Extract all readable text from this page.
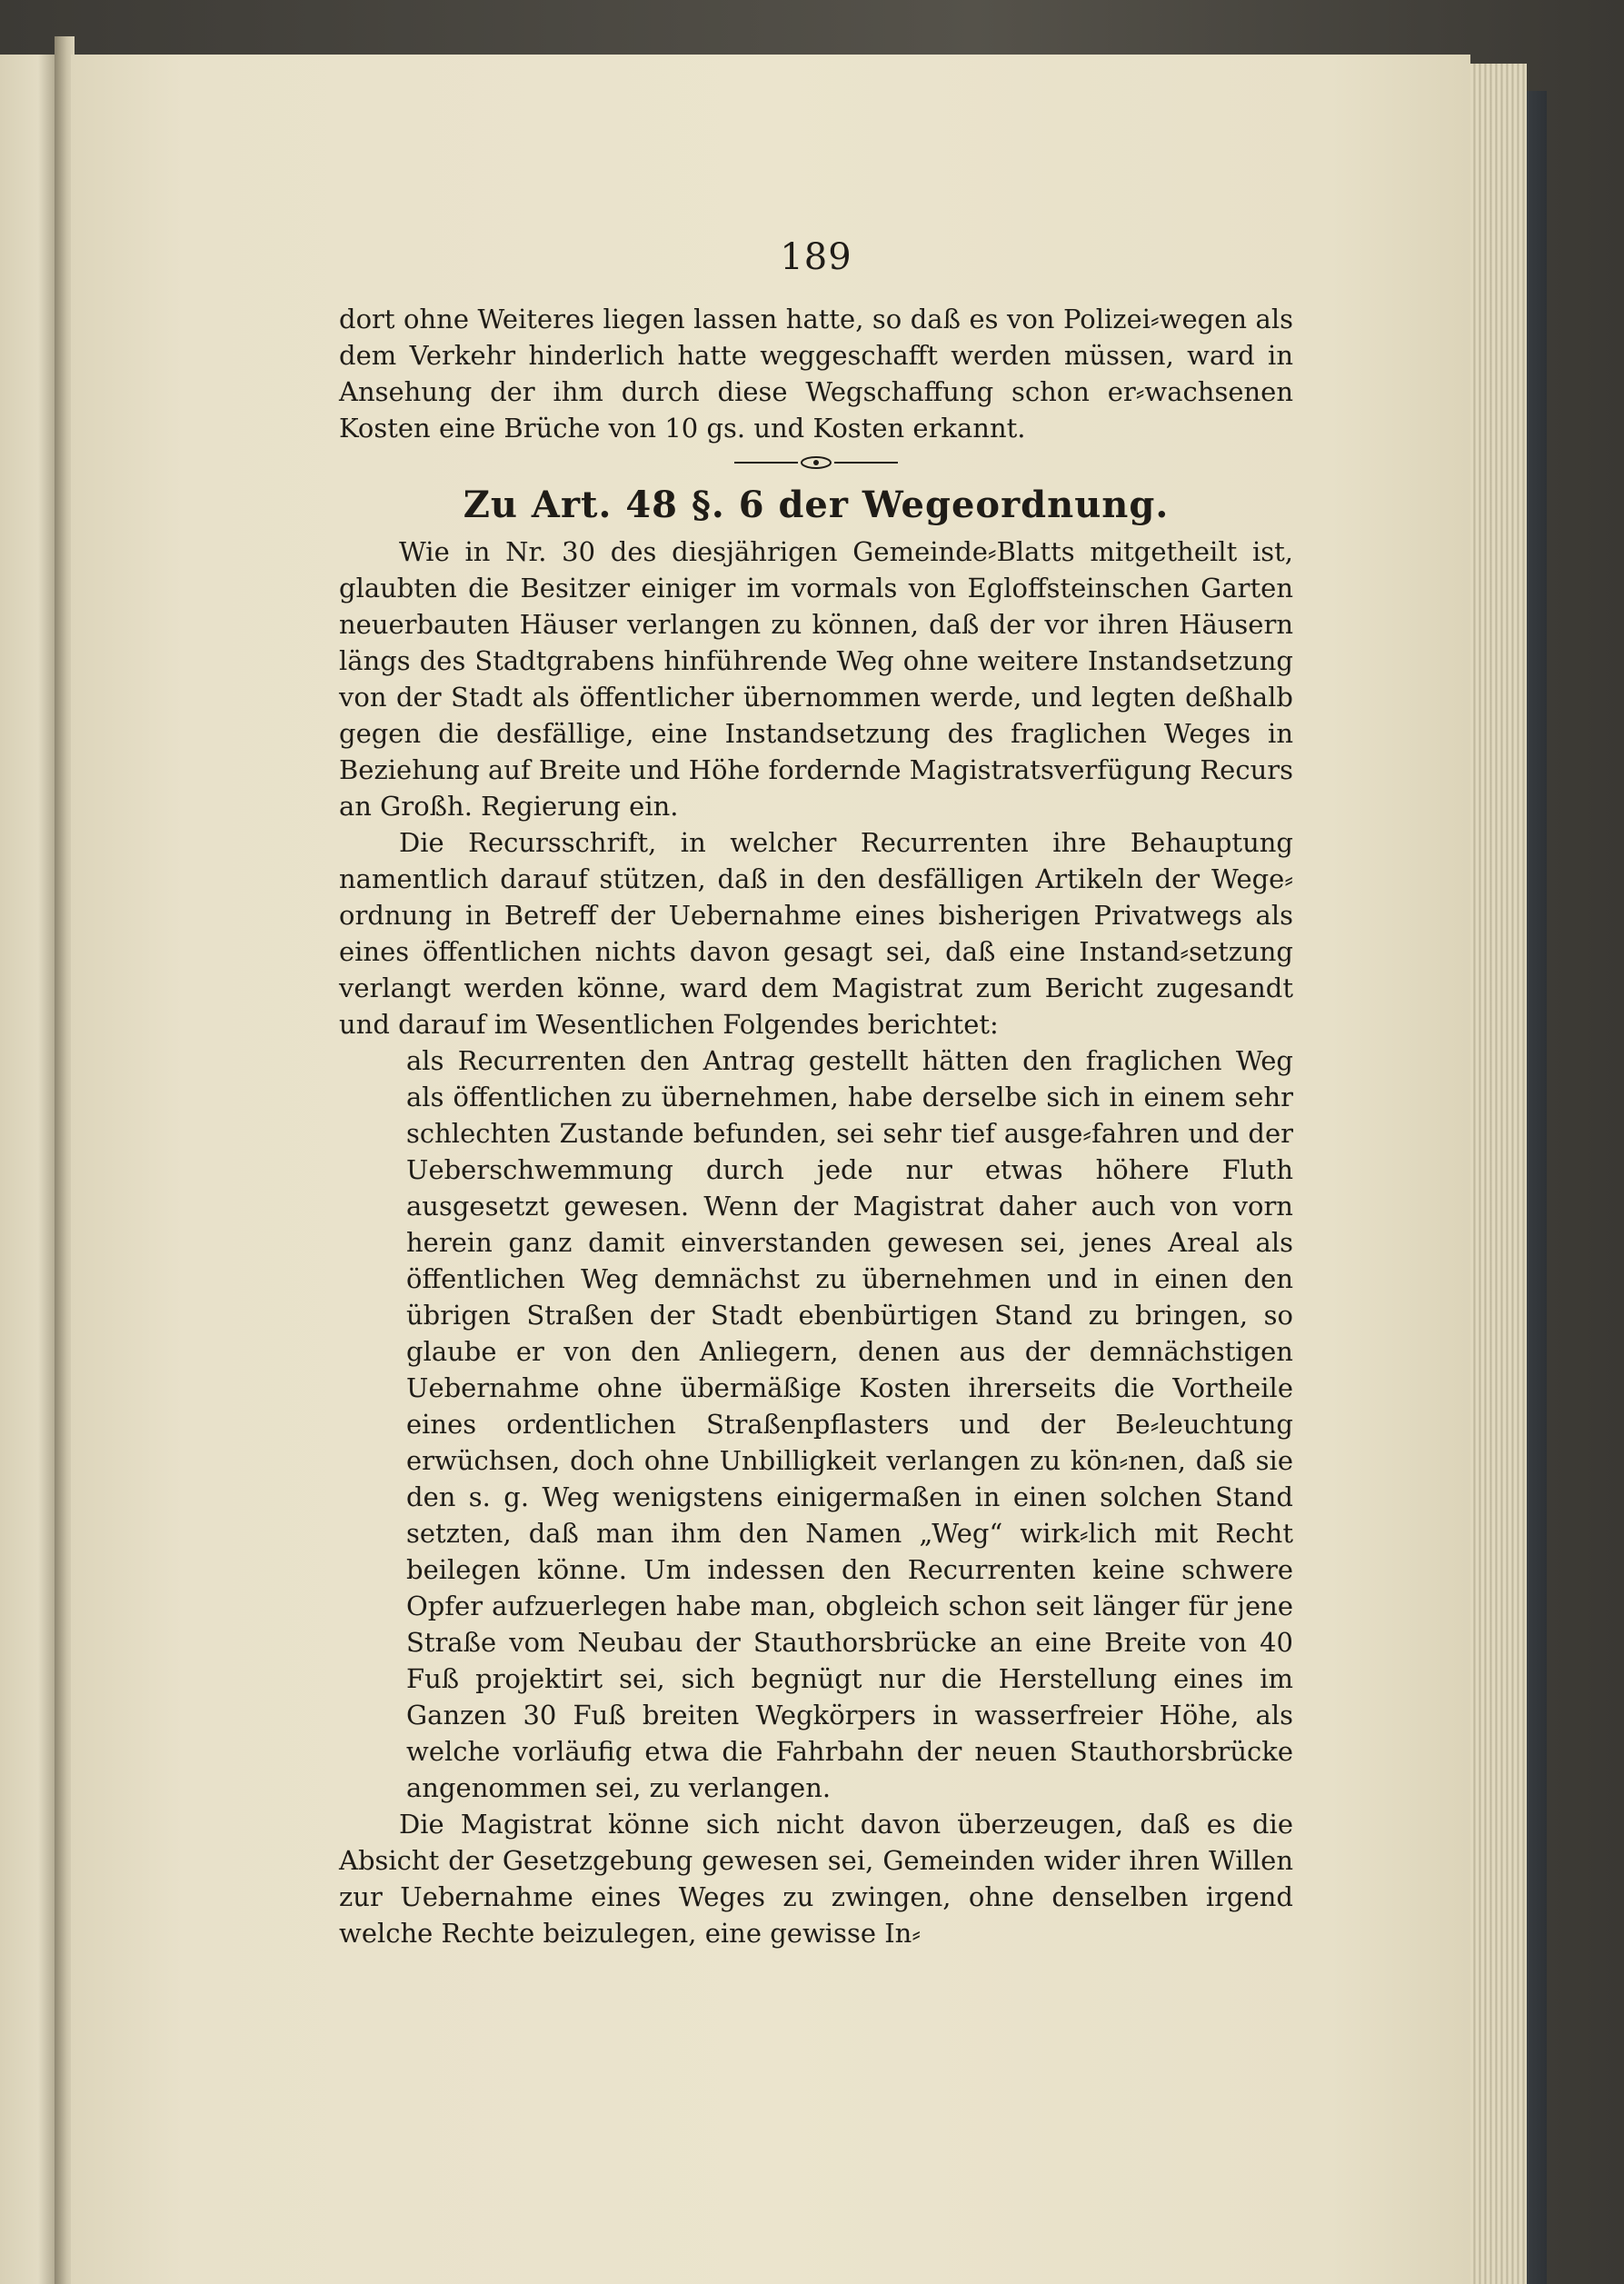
189

dort ohne Weiteres liegen lassen hatte, so daß es von Polizei⸗wegen als dem Verkehr hinderlich hatte weggeschafft werden müssen, ward in Ansehung der ihm durch diese Wegschaffung schon er⸗wachsenen Kosten eine Brüche von 10 gs. und Kosten erkannt.

Zu Art. 48 §. 6 der Wegeordnung.

Wie in Nr. 30 des diesjährigen Gemeinde⸗Blatts mitgetheilt ist, glaubten die Besitzer einiger im vormals von Egloffsteinschen Garten neuerbauten Häuser verlangen zu können, daß der vor ihren Häusern längs des Stadtgrabens hinführende Weg ohne weitere Instandsetzung von der Stadt als öffentlicher übernommen werde, und legten deßhalb gegen die desfällige, eine Instandsetzung des fraglichen Weges in Beziehung auf Breite und Höhe fordernde Magistratsverfügung Recurs an Großh. Regierung ein.

Die Recursschrift, in welcher Recurrenten ihre Behauptung namentlich darauf stützen, daß in den desfälligen Artikeln der Wege⸗ordnung in Betreff der Uebernahme eines bisherigen Privatwegs als eines öffentlichen nichts davon gesagt sei, daß eine Instand⸗setzung verlangt werden könne, ward dem Magistrat zum Bericht zugesandt und darauf im Wesentlichen Folgendes berichtet:

als Recurrenten den Antrag gestellt hätten den fraglichen Weg als öffentlichen zu übernehmen, habe derselbe sich in einem sehr schlechten Zustande befunden, sei sehr tief ausge⸗fahren und der Ueberschwemmung durch jede nur etwas höhere Fluth ausgesetzt gewesen. Wenn der Magistrat daher auch von vorn herein ganz damit einverstanden gewesen sei, jenes Areal als öffentlichen Weg demnächst zu übernehmen und in einen den übrigen Straßen der Stadt ebenbürtigen Stand zu bringen, so glaube er von den Anliegern, denen aus der demnächstigen Uebernahme ohne übermäßige Kosten ihrerseits die Vortheile eines ordentlichen Straßenpflasters und der Be⸗leuchtung erwüchsen, doch ohne Unbilligkeit verlangen zu kön⸗nen, daß sie den s. g. Weg wenigstens einigermaßen in einen solchen Stand setzten, daß man ihm den Namen „Weg“ wirk⸗lich mit Recht beilegen könne. Um indessen den Recurrenten keine schwere Opfer aufzuerlegen habe man, obgleich schon seit länger für jene Straße vom Neubau der Stauthorsbrücke an eine Breite von 40 Fuß projektirt sei, sich begnügt nur die Herstellung eines im Ganzen 30 Fuß breiten Wegkörpers in wasserfreier Höhe, als welche vorläufig etwa die Fahrbahn der neuen Stauthorsbrücke angenommen sei, zu verlangen.

Die Magistrat könne sich nicht davon überzeugen, daß es die Absicht der Gesetzgebung gewesen sei, Gemeinden wider ihren Willen zur Uebernahme eines Weges zu zwingen, ohne denselben irgend welche Rechte beizulegen, eine gewisse In⸗
